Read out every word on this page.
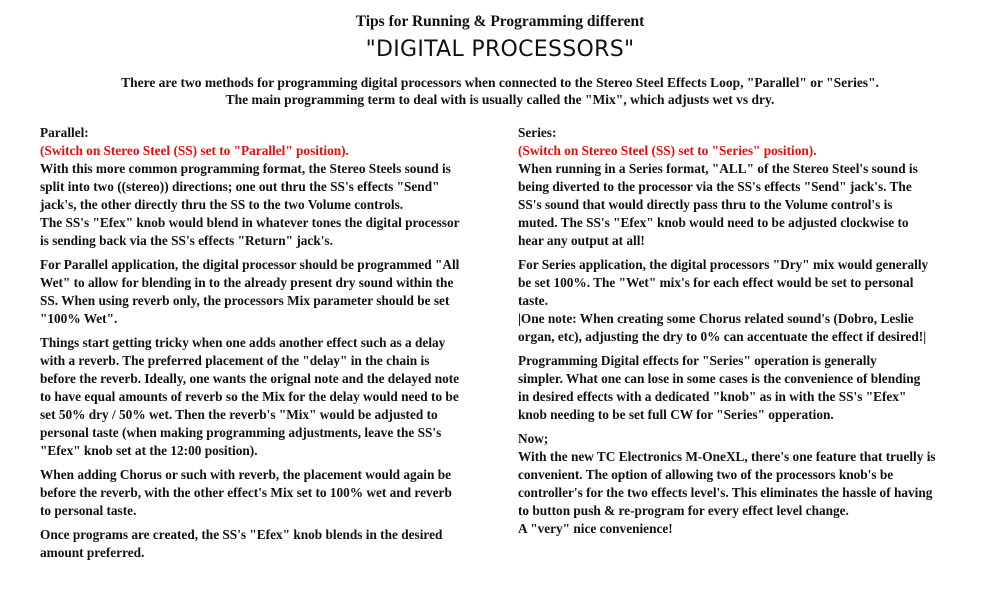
Tips for Running & Programming different
"DIGITAL PROCESSORS"
There are two methods for programming digital processors when connected to the Stereo Steel Effects Loop, "Parallel" or "Series".
The main programming term to deal with is usually called the "Mix", which adjusts wet vs dry.
Parallel:
(Switch on Stereo Steel (SS) set to "Parallel" position).
With this more common programming format, the Stereo Steels sound is
split into two ((stereo)) directions; one out thru the SS's effects "Send"
jack's, the other directly thru the SS to the two Volume controls.
The SS's "Efex" knob would blend in whatever tones the digital processor
is sending back via the SS's effects "Return" jack's.
For Parallel application, the digital processor should be programmed "All
Wet" to allow for blending in to the already present dry sound within the
SS. When using reverb only, the processors Mix parameter should be set
"100% Wet".
Things start getting tricky when one adds another effect such as a delay
with a reverb. The preferred placement of the "delay" in the chain is
before the reverb. Ideally, one wants the orignal note and the delayed note
to have equal amounts of reverb so the Mix for the delay would need to be
set 50% dry / 50% wet. Then the reverb's "Mix" would be adjusted to
personal taste (when making programming adjustments, leave the SS's
"Efex" knob set at the 12:00 position).
When adding Chorus or such with reverb, the placement would again be
before the reverb, with the other effect's Mix set to 100% wet and reverb
to personal taste.
Once programs are created, the SS's "Efex" knob blends in the desired
amount preferred.
Series:
(Switch on Stereo Steel (SS) set to "Series" position).
When running in a Series format, "ALL" of the Stereo Steel's sound is
being diverted to the processor via the SS's effects "Send" jack's. The
SS's sound that would directly pass thru to the Volume control's is
muted. The SS's "Efex" knob would need to be adjusted clockwise to
hear any output at all!
For Series application, the digital processors "Dry" mix would generally
be set 100%. The "Wet" mix's for each effect would be set to personal
taste.
|One note: When creating some Chorus related sound's (Dobro, Leslie
organ, etc), adjusting the dry to 0% can accentuate the effect if desired!|
Programming Digital effects for "Series" operation is generally
simpler. What one can lose in some cases is the convenience of blending
in desired effects with a dedicated "knob" as in with the SS's "Efex"
knob needing to be set full CW for "Series" opperation.
Now;
With the new TC Electronics M-OneXL, there's one feature that truelly is
convenient. The option of allowing two of the processors knob's be
controller's for the two effects level's. This eliminates the hassle of having
to button push & re-program for every effect level change.
A "very" nice convenience!
